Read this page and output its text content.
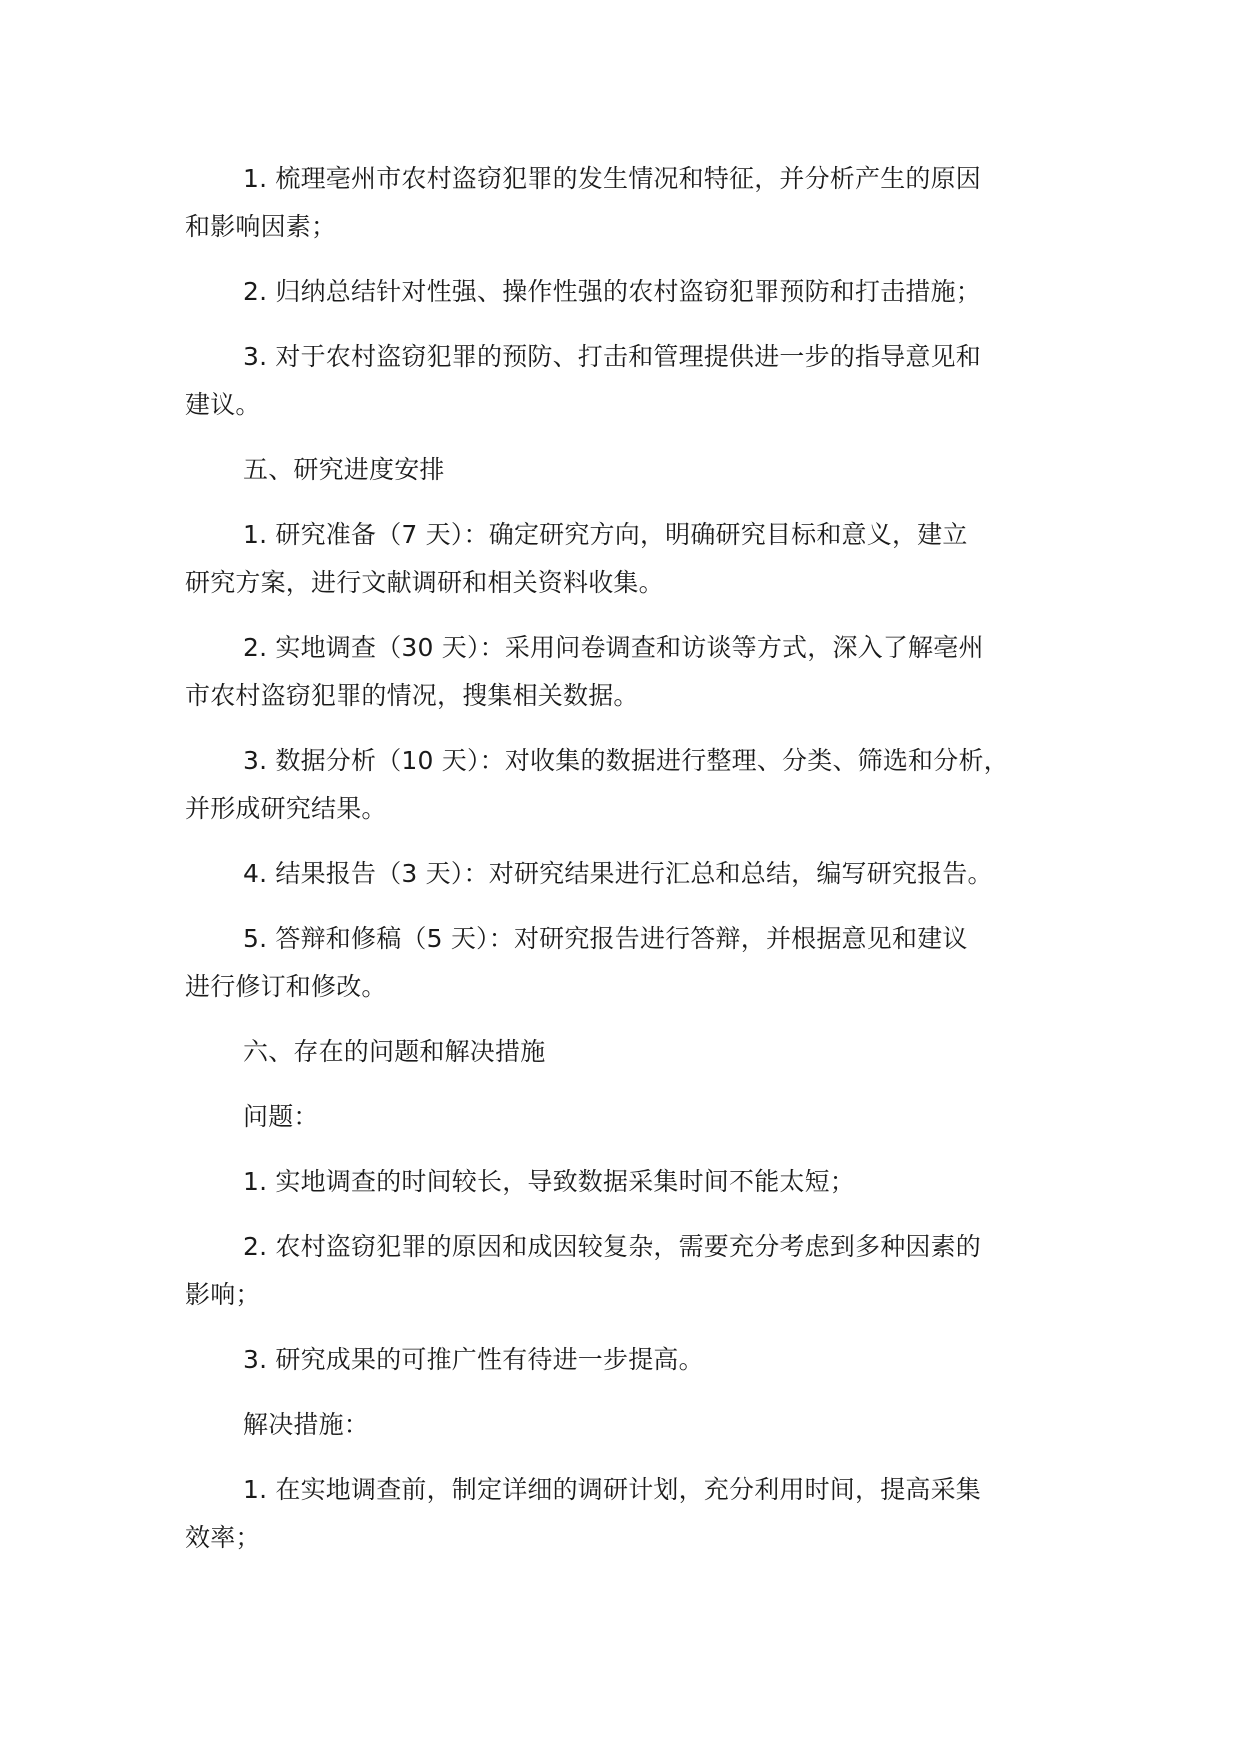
1. 梳理亳州市农村盗窃犯罪的发生情况和特征，并分析产生的原因
和影响因素；

2. 归纳总结针对性强、操作性强的农村盗窃犯罪预防和打击措施；

3. 对于农村盗窃犯罪的预防、打击和管理提供进一步的指导意见和
建议。

五、研究进度安排

1. 研究准备（7 天）：确定研究方向，明确研究目标和意义，建立
研究方案，进行文献调研和相关资料收集。

2. 实地调查（30 天）：采用问卷调查和访谈等方式，深入了解亳州
市农村盗窃犯罪的情况，搜集相关数据。

3. 数据分析（10 天）：对收集的数据进行整理、分类、筛选和分析，
并形成研究结果。

4. 结果报告（3 天）：对研究结果进行汇总和总结，编写研究报告。

5. 答辩和修稿（5 天）：对研究报告进行答辩，并根据意见和建议
进行修订和修改。

六、存在的问题和解决措施

问题：

1. 实地调查的时间较长，导致数据采集时间不能太短；

2. 农村盗窃犯罪的原因和成因较复杂，需要充分考虑到多种因素的
影响；

3. 研究成果的可推广性有待进一步提高。

解决措施：

1. 在实地调查前，制定详细的调研计划，充分利用时间，提高采集
效率；
